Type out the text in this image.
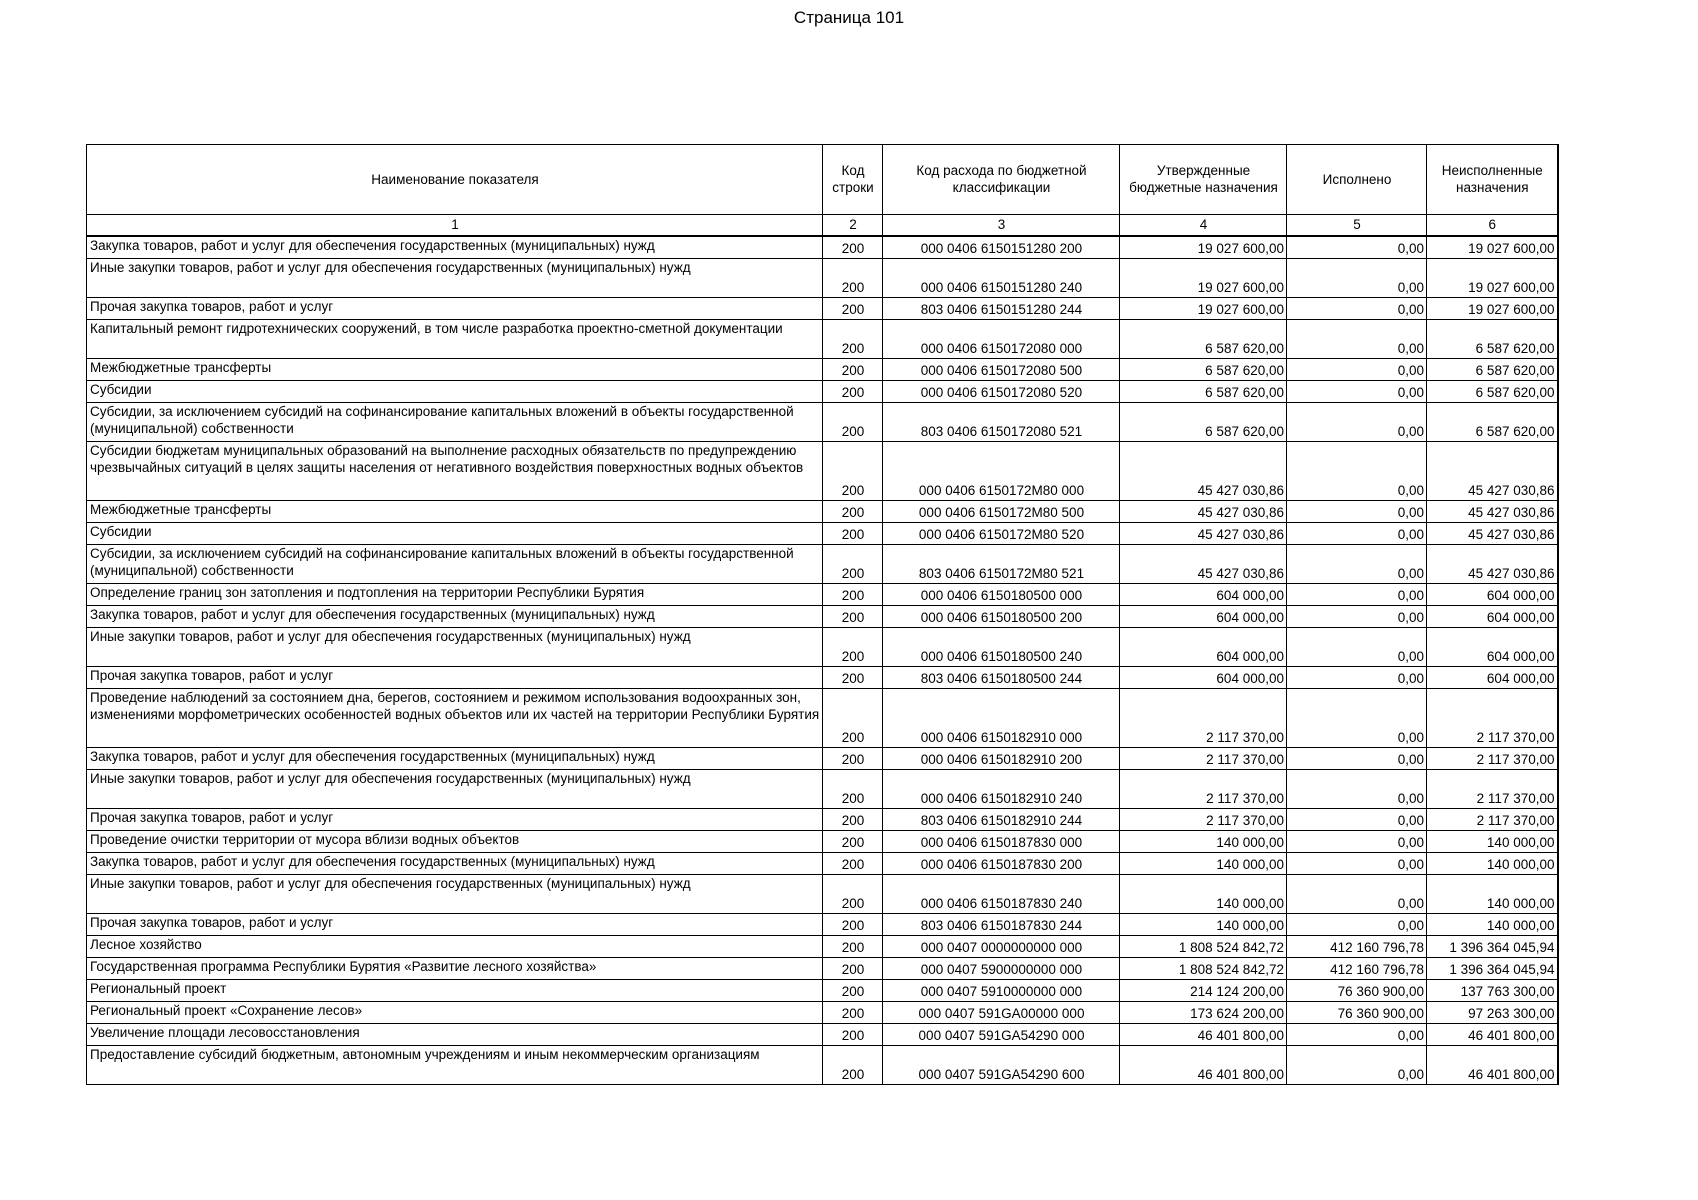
Страница 101
Наименование показателя	Код строки	Код расхода по бюджетной классификации	Утвержденные бюджетные назначения	Исполнено	Неисполненные назначения
1	2	3	4	5	6
Закупка товаров, работ и услуг для обеспечения государственных (муниципальных) нужд	200	000 0406 6150151280 200	19 027 600,00	0,00	19 027 600,00
Иные закупки товаров, работ и услуг для обеспечения государственных (муниципальных) нужд	200	000 0406 6150151280 240	19 027 600,00	0,00	19 027 600,00
Прочая закупка товаров, работ и услуг	200	803 0406 6150151280 244	19 027 600,00	0,00	19 027 600,00
Капитальный ремонт гидротехнических сооружений, в том числе разработка проектно-сметной документации	200	000 0406 6150172080 000	6 587 620,00	0,00	6 587 620,00
Межбюджетные трансферты	200	000 0406 6150172080 500	6 587 620,00	0,00	6 587 620,00
Субсидии	200	000 0406 6150172080 520	6 587 620,00	0,00	6 587 620,00
Субсидии, за исключением субсидий на софинансирование капитальных вложений в объекты государственной (муниципальной) собственности	200	803 0406 6150172080 521	6 587 620,00	0,00	6 587 620,00
Субсидии бюджетам муниципальных образований на выполнение расходных обязательств по предупреждению чрезвычайных ситуаций в целях защиты населения от негативного воздействия поверхностных водных объектов	200	000 0406 6150172M80 000	45 427 030,86	0,00	45 427 030,86
Межбюджетные трансферты	200	000 0406 6150172M80 500	45 427 030,86	0,00	45 427 030,86
Субсидии	200	000 0406 6150172M80 520	45 427 030,86	0,00	45 427 030,86
Субсидии, за исключением субсидий на софинансирование капитальных вложений в объекты государственной (муниципальной) собственности	200	803 0406 6150172M80 521	45 427 030,86	0,00	45 427 030,86
Определение границ зон затопления и подтопления на территории Республики Бурятия	200	000 0406 6150180500 000	604 000,00	0,00	604 000,00
Закупка товаров, работ и услуг для обеспечения государственных (муниципальных) нужд	200	000 0406 6150180500 200	604 000,00	0,00	604 000,00
Иные закупки товаров, работ и услуг для обеспечения государственных (муниципальных) нужд	200	000 0406 6150180500 240	604 000,00	0,00	604 000,00
Прочая закупка товаров, работ и услуг	200	803 0406 6150180500 244	604 000,00	0,00	604 000,00
Проведение наблюдений за состоянием дна, берегов, состоянием и режимом использования водоохранных зон, изменениями морфометрических особенностей водных объектов или их частей на территории Республики Бурятия	200	000 0406 6150182910 000	2 117 370,00	0,00	2 117 370,00
Закупка товаров, работ и услуг для обеспечения государственных (муниципальных) нужд	200	000 0406 6150182910 200	2 117 370,00	0,00	2 117 370,00
Иные закупки товаров, работ и услуг для обеспечения государственных (муниципальных) нужд	200	000 0406 6150182910 240	2 117 370,00	0,00	2 117 370,00
Прочая закупка товаров, работ и услуг	200	803 0406 6150182910 244	2 117 370,00	0,00	2 117 370,00
Проведение очистки территории от мусора вблизи водных объектов	200	000 0406 6150187830 000	140 000,00	0,00	140 000,00
Закупка товаров, работ и услуг для обеспечения государственных (муниципальных) нужд	200	000 0406 6150187830 200	140 000,00	0,00	140 000,00
Иные закупки товаров, работ и услуг для обеспечения государственных (муниципальных) нужд	200	000 0406 6150187830 240	140 000,00	0,00	140 000,00
Прочая закупка товаров, работ и услуг	200	803 0406 6150187830 244	140 000,00	0,00	140 000,00
Лесное хозяйство	200	000 0407 0000000000 000	1 808 524 842,72	412 160 796,78	1 396 364 045,94
Государственная программа Республики Бурятия «Развитие лесного хозяйства»	200	000 0407 5900000000 000	1 808 524 842,72	412 160 796,78	1 396 364 045,94
Региональный проект	200	000 0407 5910000000 000	214 124 200,00	76 360 900,00	137 763 300,00
Региональный проект «Сохранение лесов»	200	000 0407 591GA00000 000	173 624 200,00	76 360 900,00	97 263 300,00
Увеличение площади лесовосстановления	200	000 0407 591GA54290 000	46 401 800,00	0,00	46 401 800,00
Предоставление субсидий бюджетным, автономным учреждениям и иным некоммерческим организациям	200	000 0407 591GA54290 600	46 401 800,00	0,00	46 401 800,00
